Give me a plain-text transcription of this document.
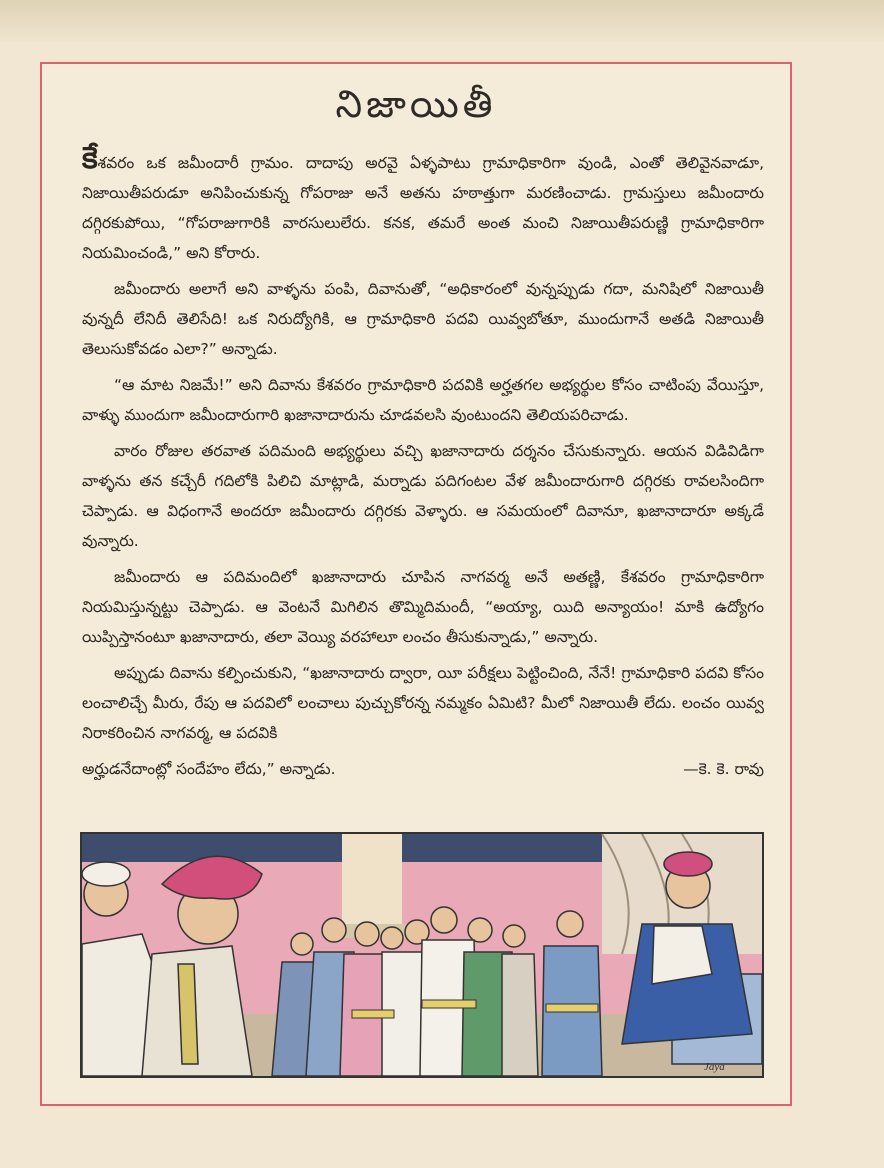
నిజాయితీ

కేశవరం ఒక జమీందారీ గ్రామం. దాదాపు అరవై ఏళ్ళపాటు గ్రామాధికారిగా వుండి, ఎంతో తెలివైనవాడూ, నిజాయితీపరుడూ అనిపించుకున్న గోపరాజు అనే అతను హఠాత్తుగా మరణించాడు. గ్రామస్తులు జమీందారు దగ్గిరకుపోయి, “గోపరాజుగారికి వారసులులేరు. కనక, తమరే అంత మంచి నిజాయితీపరుణ్ణి గ్రామాధికారిగా నియమించండి,” అని కోరారు.

జమీందారు అలాగే అని వాళ్ళను పంపి, దివానుతో, “అధికారంలో వున్నప్పుడు గదా, మనిషిలో నిజాయితీ వున్నదీ లేనిదీ తెలిసేది! ఒక నిరుద్యోగికి, ఆ గ్రామాధికారి పదవి యివ్వబోతూ, ముందుగానే అతడి నిజాయితీ తెలుసుకోవడం ఎలా?” అన్నాడు.

“ఆ మాట నిజమే!” అని దివాను కేశవరం గ్రామాధికారి పదవికి అర్హతగల అభ్యర్థుల కోసం చాటింపు వేయిస్తూ, వాళ్ళు ముందుగా జమీందారుగారి ఖజానాదారును చూడవలసి వుంటుందని తెలియపరిచాడు.

వారం రోజుల తరవాత పదిమంది అభ్యర్థులు వచ్చి ఖజానాదారు దర్శనం చేసుకున్నారు. ఆయన విడివిడిగా వాళ్ళను తన కచ్చేరీ గదిలోకి పిలిచి మాట్లాడి, మర్నాడు పదిగంటల వేళ జమీందారుగారి దగ్గిరకు రావలసిందిగా చెప్పాడు. ఆ విధంగానే అందరూ జమీందారు దగ్గిరకు వెళ్ళారు. ఆ సమయంలో దివానూ, ఖజానాదారూ అక్కడే వున్నారు.

జమీందారు ఆ పదిమందిలో ఖజానాదారు చూపిన నాగవర్మ అనే అతణ్ణి, కేశవరం గ్రామాధికారిగా నియమిస్తున్నట్టు చెప్పాడు. ఆ వెంటనే మిగిలిన తొమ్మిదిమందీ, “అయ్యా, యిది అన్యాయం! మాకి ఉద్యోగం యిప్పిస్తానంటూ ఖజానాదారు, తలా వెయ్యి వరహాలూ లంచం తీసుకున్నాడు,” అన్నారు.

అప్పుడు దివాను కల్పించుకుని, “ఖజానాదారు ద్వారా, యీ పరీక్షలు పెట్టించింది, నేనే! గ్రామాధికారి పదవి కోసం లంచాలిచ్చే మీరు, రేపు ఆ పదవిలో లంచాలు పుచ్చుకోరన్న నమ్మకం ఏమిటి? మీలో నిజాయితీ లేదు. లంచం యివ్వ నిరాకరించిన నాగవర్మ, ఆ పదవికి

అర్హుడనేదాంట్లో సందేహం లేదు,” అన్నాడు.	—కె. కె. రావు
Jaya
